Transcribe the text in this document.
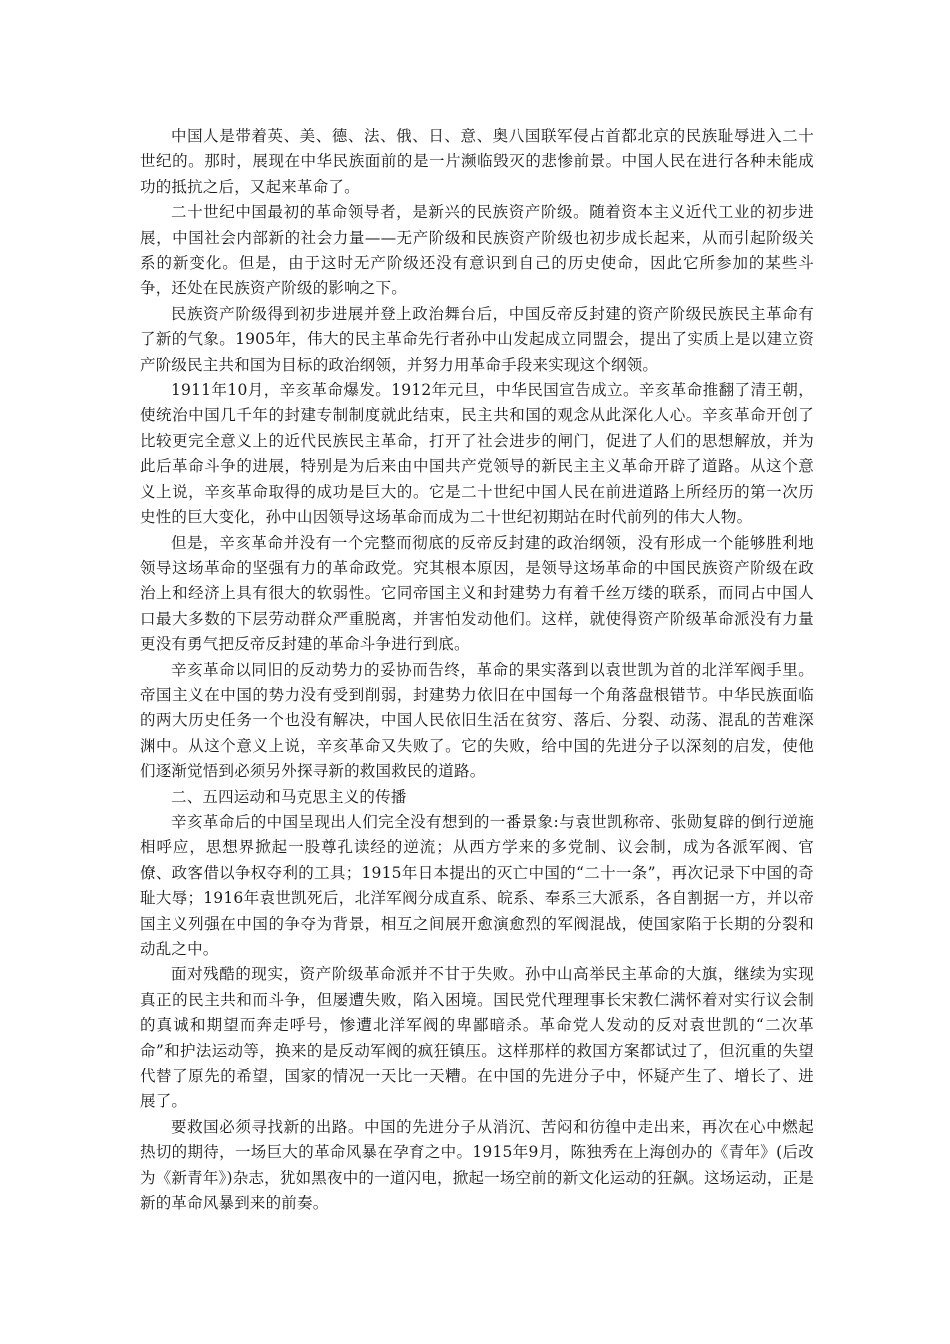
中国人是带着英、美、德、法、俄、日、意、奥八国联军侵占首都北京的民族耻辱进入二十世纪的。那时，展现在中华民族面前的是一片濒临毁灭的悲惨前景。中国人民在进行各种未能成功的抵抗之后，又起来革命了。

二十世纪中国最初的革命领导者，是新兴的民族资产阶级。随着资本主义近代工业的初步进展，中国社会内部新的社会力量——无产阶级和民族资产阶级也初步成长起来，从而引起阶级关系的新变化。但是，由于这时无产阶级还没有意识到自己的历史使命，因此它所参加的某些斗争，还处在民族资产阶级的影响之下。

民族资产阶级得到初步进展并登上政治舞台后，中国反帝反封建的资产阶级民族民主革命有了新的气象。1905年，伟大的民主革命先行者孙中山发起成立同盟会，提出了实质上是以建立资产阶级民主共和国为目标的政治纲领，并努力用革命手段来实现这个纲领。

1911年10月，辛亥革命爆发。1912年元旦，中华民国宣告成立。辛亥革命推翻了清王朝，使统治中国几千年的封建专制制度就此结束，民主共和国的观念从此深化人心。辛亥革命开创了比较更完全意义上的近代民族民主革命，打开了社会进步的闸门，促进了人们的思想解放，并为此后革命斗争的进展，特别是为后来由中国共产党领导的新民主主义革命开辟了道路。从这个意义上说，辛亥革命取得的成功是巨大的。它是二十世纪中国人民在前进道路上所经历的第一次历史性的巨大变化，孙中山因领导这场革命而成为二十世纪初期站在时代前列的伟大人物。

但是，辛亥革命并没有一个完整而彻底的反帝反封建的政治纲领，没有形成一个能够胜利地领导这场革命的坚强有力的革命政党。究其根本原因，是领导这场革命的中国民族资产阶级在政治上和经济上具有很大的软弱性。它同帝国主义和封建势力有着千丝万缕的联系，而同占中国人口最大多数的下层劳动群众严重脱离，并害怕发动他们。这样，就使得资产阶级革命派没有力量更没有勇气把反帝反封建的革命斗争进行到底。

辛亥革命以同旧的反动势力的妥协而告终，革命的果实落到以袁世凯为首的北洋军阀手里。帝国主义在中国的势力没有受到削弱，封建势力依旧在中国每一个角落盘根错节。中华民族面临的两大历史任务一个也没有解决，中国人民依旧生活在贫穷、落后、分裂、动荡、混乱的苦难深渊中。从这个意义上说，辛亥革命又失败了。它的失败，给中国的先进分子以深刻的启发，使他们逐渐觉悟到必须另外探寻新的救国救民的道路。

二、五四运动和马克思主义的传播

辛亥革命后的中国呈现出人们完全没有想到的一番景象:与袁世凯称帝、张勋复辟的倒行逆施相呼应，思想界掀起一股尊孔读经的逆流；从西方学来的多党制、议会制，成为各派军阀、官僚、政客借以争权夺利的工具；1915年日本提出的灭亡中国的“二十一条”，再次记录下中国的奇耻大辱；1916年袁世凯死后，北洋军阀分成直系、皖系、奉系三大派系，各自割据一方，并以帝国主义列强在中国的争夺为背景，相互之间展开愈演愈烈的军阀混战，使国家陷于长期的分裂和动乱之中。

面对残酷的现实，资产阶级革命派并不甘于失败。孙中山高举民主革命的大旗，继续为实现真正的民主共和而斗争，但屡遭失败，陷入困境。国民党代理理事长宋教仁满怀着对实行议会制的真诚和期望而奔走呼号，惨遭北洋军阀的卑鄙暗杀。革命党人发动的反对袁世凯的“二次革命”和护法运动等，换来的是反动军阀的疯狂镇压。这样那样的救国方案都试过了，但沉重的失望代替了原先的希望，国家的情况一天比一天糟。在中国的先进分子中，怀疑产生了、增长了、进展了。

要救国必须寻找新的出路。中国的先进分子从消沉、苦闷和彷徨中走出来，再次在心中燃起热切的期待，一场巨大的革命风暴在孕育之中。1915年9月，陈独秀在上海创办的《青年》(后改为《新青年》)杂志，犹如黑夜中的一道闪电，掀起一场空前的新文化运动的狂飙。这场运动，正是新的革命风暴到来的前奏。
